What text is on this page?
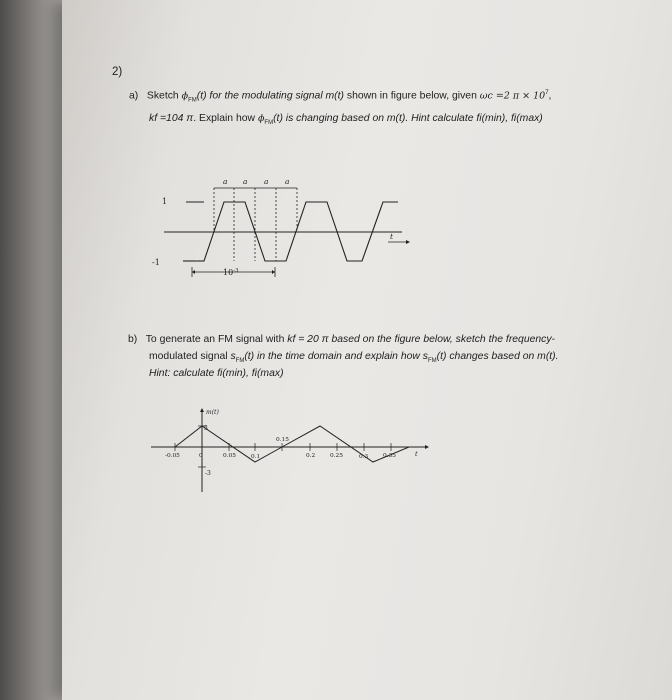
2)
a) Sketch $\phi_{FM}(t)$ for the modulating signal m(t) shown in figure below, given ωc =2 $\pi \times 10^7$,
kf =104 π. Explain how $\phi_{FM}(t)$ is changing based on m(t). Hint calculate fi(min), fi(max)
1
-1
a a a a
t
$10^{-3}$
b) To generate an FM signal with kf = 20 π based on the figure below, sketch the frequency-
modulated signal $s_{FM}(t)$ in the time domain and explain how $s_{FM}(t)$ changes based on m(t).
Hint: calculate fi(min), fi(max)
m(t)
3
-3
t
-0.05	0	0.05	0.1
0.15
0.2	0.25	0.3	0.35
